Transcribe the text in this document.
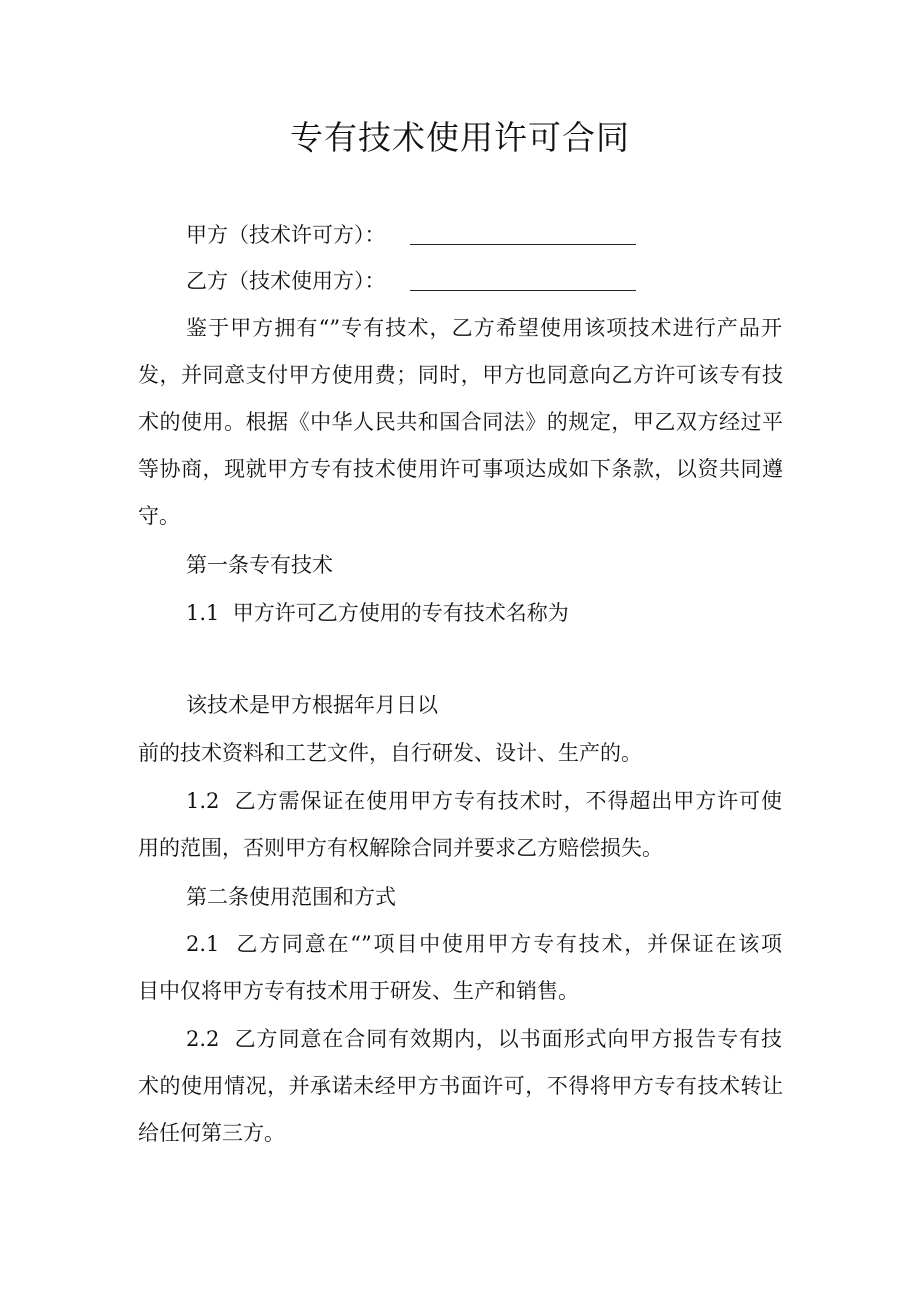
专有技术使用许可合同
甲方（技术许可方）：
乙方（技术使用方）：
鉴于甲方拥有“”专有技术，乙方希望使用该项技术进行产品开
发，并同意支付甲方使用费；同时，甲方也同意向乙方许可该专有技
术的使用。根据《中华人民共和国合同法》的规定，甲乙双方经过平
等协商，现就甲方专有技术使用许可事项达成如下条款，以资共同遵
守。
第一条专有技术
1.1  甲方许可乙方使用的专有技术名称为
该技术是甲方根据年月日以
前的技术资料和工艺文件，自行研发、设计、生产的。
1.2  乙方需保证在使用甲方专有技术时，不得超出甲方许可使
用的范围，否则甲方有权解除合同并要求乙方赔偿损失。
第二条使用范围和方式
2.1  乙方同意在“”项目中使用甲方专有技术，并保证在该项
目中仅将甲方专有技术用于研发、生产和销售。
2.2  乙方同意在合同有效期内，以书面形式向甲方报告专有技
术的使用情况，并承诺未经甲方书面许可，不得将甲方专有技术转让
给任何第三方。
